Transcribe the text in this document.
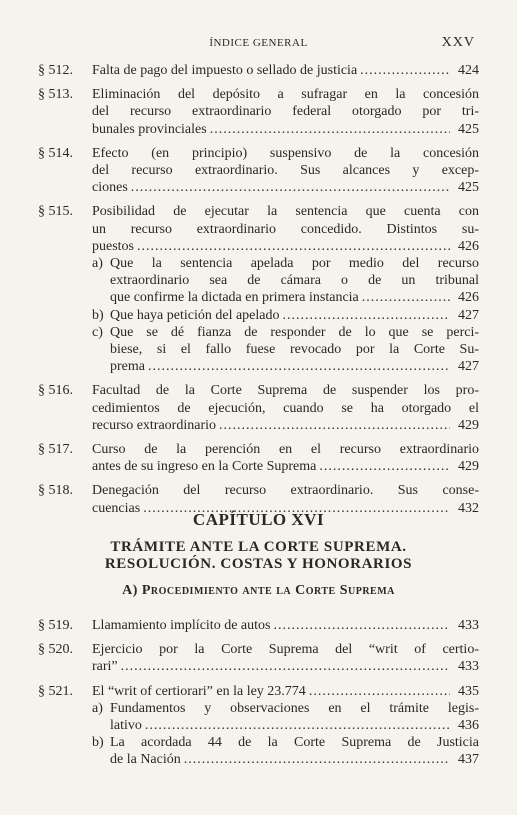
ÍNDICE GENERAL	XXV
§ 512.	Falta de pago del impuesto o sellado de justicia .....	424
§ 513.	Eliminación del depósito a sufragar en la concesión
del recurso extraordinario federal otorgado por tri-
bunales provinciales .....	425
§ 514.	Efecto (en principio) suspensivo de la concesión
del recurso extraordinario. Sus alcances y excep-
ciones .....	425
§ 515.	Posibilidad de ejecutar la sentencia que cuenta con
un recurso extraordinario concedido. Distintos su-
puestos .....	426
a) Que la sentencia apelada por medio del recurso
extraordinario sea de cámara o de un tribunal
que confirme la dictada en primera instancia .....	426
b) Que haya petición del apelado .....	427
c) Que se dé fianza de responder de lo que se perci-
biese, si el fallo fuese revocado por la Corte Su-
prema .....	427
§ 516.	Facultad de la Corte Suprema de suspender los pro-
cedimientos de ejecución, cuando se ha otorgado el
recurso extraordinario .....	429
§ 517.	Curso de la perención en el recurso extraordinario
antes de su ingreso en la Corte Suprema .....	429
§ 518.	Denegación del recurso extraordinario. Sus conse-
cuencias .....	432
CAPÍTULO XVI
TRÁMITE ANTE LA CORTE SUPREMA.
RESOLUCIÓN. COSTAS Y HONORARIOS
A) Procedimiento ante la Corte Suprema
§ 519.	Llamamiento implícito de autos .....	433
§ 520.	Ejercicio por la Corte Suprema del “writ of certio-
rari” .....	433
§ 521.	El “writ of certiorari” en la ley 23.774 .....	435
a) Fundamentos y observaciones en el trámite legis-
lativo .....	436
b) La acordada 44 de la Corte Suprema de Justicia
de la Nación .....	437
